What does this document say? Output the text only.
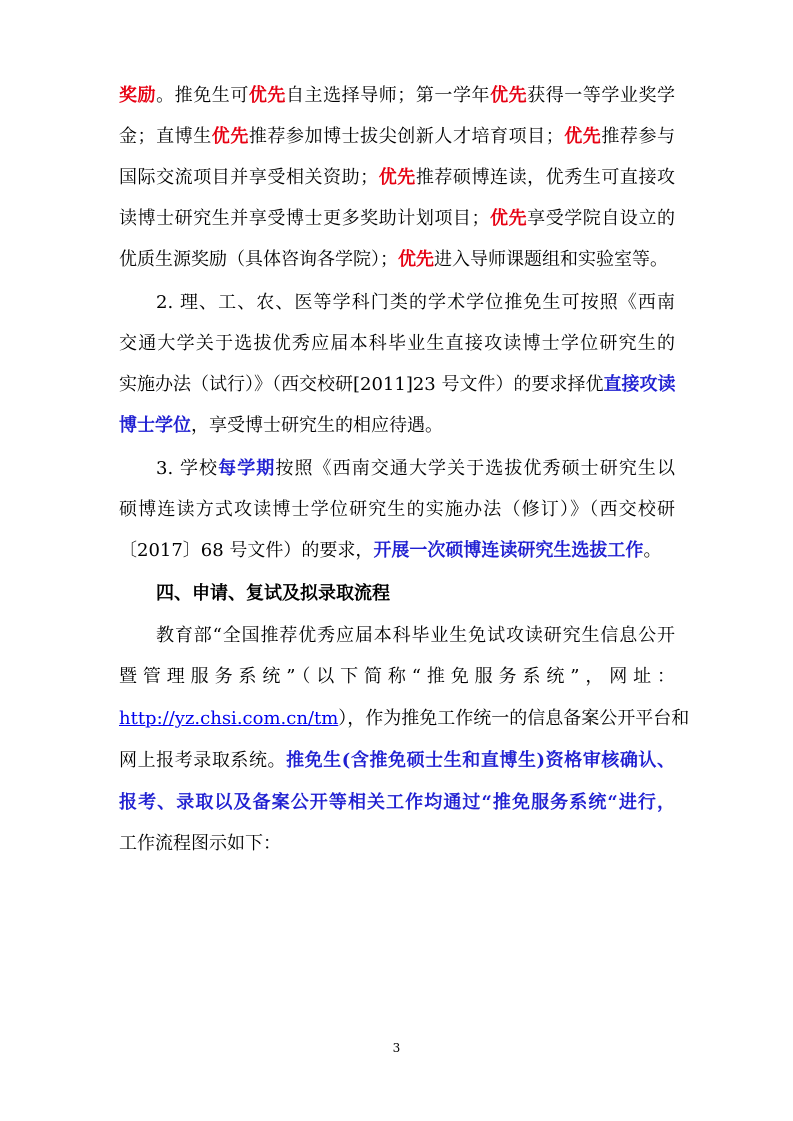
奖励。推免生可优先自主选择导师；第一学年优先获得一等学业奖学
金；直博生优先推荐参加博士拔尖创新人才培育项目；优先推荐参与
国际交流项目并享受相关资助；优先推荐硕博连读，优秀生可直接攻
读博士研究生并享受博士更多奖助计划项目；优先享受学院自设立的
优质生源奖励（具体咨询各学院）；优先进入导师课题组和实验室等。
2. 理、工、农、医等学科门类的学术学位推免生可按照《西南
交通大学关于选拔优秀应届本科毕业生直接攻读博士学位研究生的
实施办法（试行）》（西交校研[2011]23 号文件）的要求择优直接攻读
博士学位，享受博士研究生的相应待遇。
3. 学校每学期按照《西南交通大学关于选拔优秀硕士研究生以
硕博连读方式攻读博士学位研究生的实施办法（修订）》（西交校研
〔2017〕68 号文件）的要求，开展一次硕博连读研究生选拔工作。
四、申请、复试及拟录取流程
教育部“全国推荐优秀应届本科毕业生免试攻读研究生信息公开
暨管理服务系统”（以下简称“推免服务系统”，网址：
http://yz.chsi.com.cn/tm），作为推免工作统一的信息备案公开平台和
网上报考录取系统。推免生(含推免硕士生和直博生)资格审核确认、
报考、录取以及备案公开等相关工作均通过“推免服务系统“进行，
工作流程图示如下：
3
